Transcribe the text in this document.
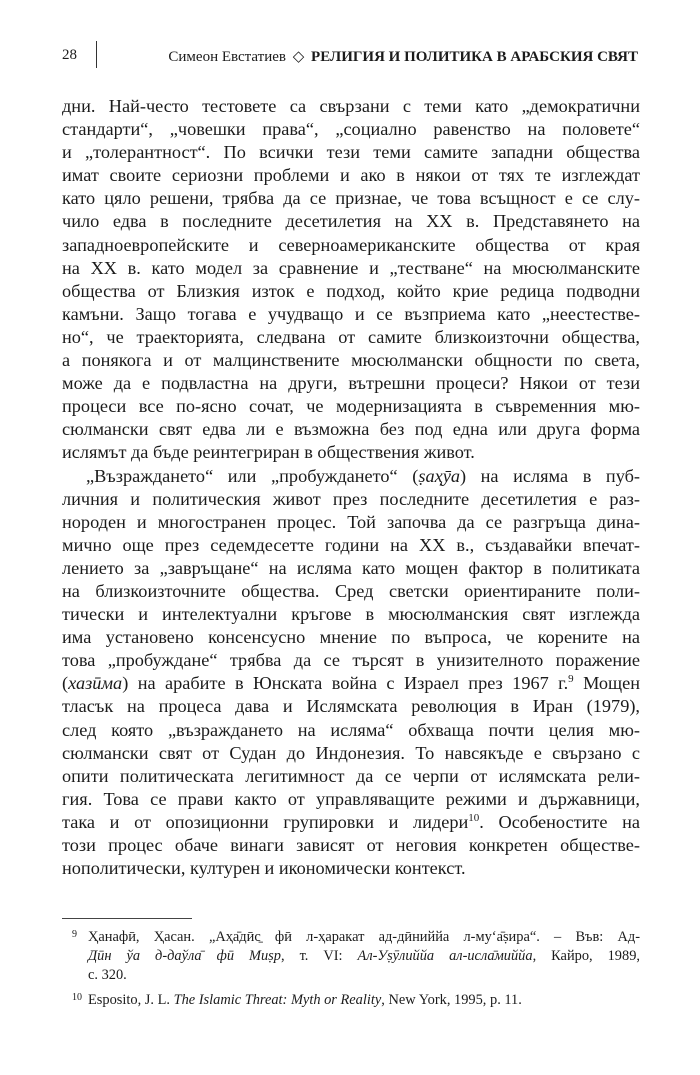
28	Симеон Евстатиев ◇ РЕЛИГИЯ И ПОЛИТИКА В АРАБСКИЯ СВЯТ

дни. Най-често тестовете са свързани с теми като „демократични
стандарти“, „човешки права“, „социално равенство на половете“
и „толерантност“. По всички тези теми самите западни общества
имат своите сериозни проблеми и ако в някои от тях те изглеждат
като цяло решени, трябва да се признае, че това всъщност е се слу-
чило едва в последните десетилетия на XX в. Представянето на
западноевропейските и северноамериканските общества от края
на XX в. като модел за сравнение и „тестване“ на мюсюлманските
общества от Близкия изток е подход, който крие редица подводни
камъни. Защо тогава е учудващо и се възприема като „неестестве-
но“, че траекторията, следвана от самите близкоизточни общества,
а понякога и от малцинствените мюсюлмански общности по света,
може да е подвластна на други, вътрешни процеси? Някои от тези
процеси все по-ясно сочат, че модернизацията в съвременния мю-
сюлмански свят едва ли е възможна без под една или друга форма
ислямът да бъде реинтегриран в обществения живот.

„Възраждането“ или „пробуждането“ (ṣаҳӯа) на исляма в пуб-
личния и политическия живот през последните десетилетия е раз-
нороден и многостранен процес. Той започва да се разгръща дина-
мично още през седемдесетте години на XX в., създавайки впечат-
лението за „завръщане“ на исляма като мощен фактор в политиката
на близкоизточните общества. Сред светски ориентираните поли-
тически и интелектуални кръгове в мюсюлманския свят изглежда
има установено консенсусно мнение по въпроса, че корените на
това „пробуждане“ трябва да се търсят в унизителното поражение
(хазӣма) на арабите в Юнската война с Израел през 1967 г.$^9$ Мощен
тласък на процеса дава и Ислямската революция в Иран (1979),
след която „възраждането на исляма“ обхваща почти целия мю-
сюлмански свят от Судан до Индонезия. То навсякъде е свързано с
опити политическата легитимност да се черпи от ислямската рели-
гия. Това се прави както от управляващите режими и държавници,
така и от опозиционни групировки и лидери$^{10}$. Особеностите на
този процес обаче винаги зависят от неговия конкретен обществе-
нополитически, културен и икономически контекст.

9 Ҳанафӣ, Ҳасан. „Аҳа̄дӣс̱ фӣ л-ҳаракат ад-дӣниййа л-му‘а̄ṣира“. – Във: Ад-
Дӣн ўа д-даўла̄ фӣ Миṣр, т. VI: Ал-Уṣӯлиййа ал-исла̄миййа, Кайро, 1989,
с. 320.
10 Esposito, J. L. The Islamic Threat: Myth or Reality, New York, 1995, p. 11.
